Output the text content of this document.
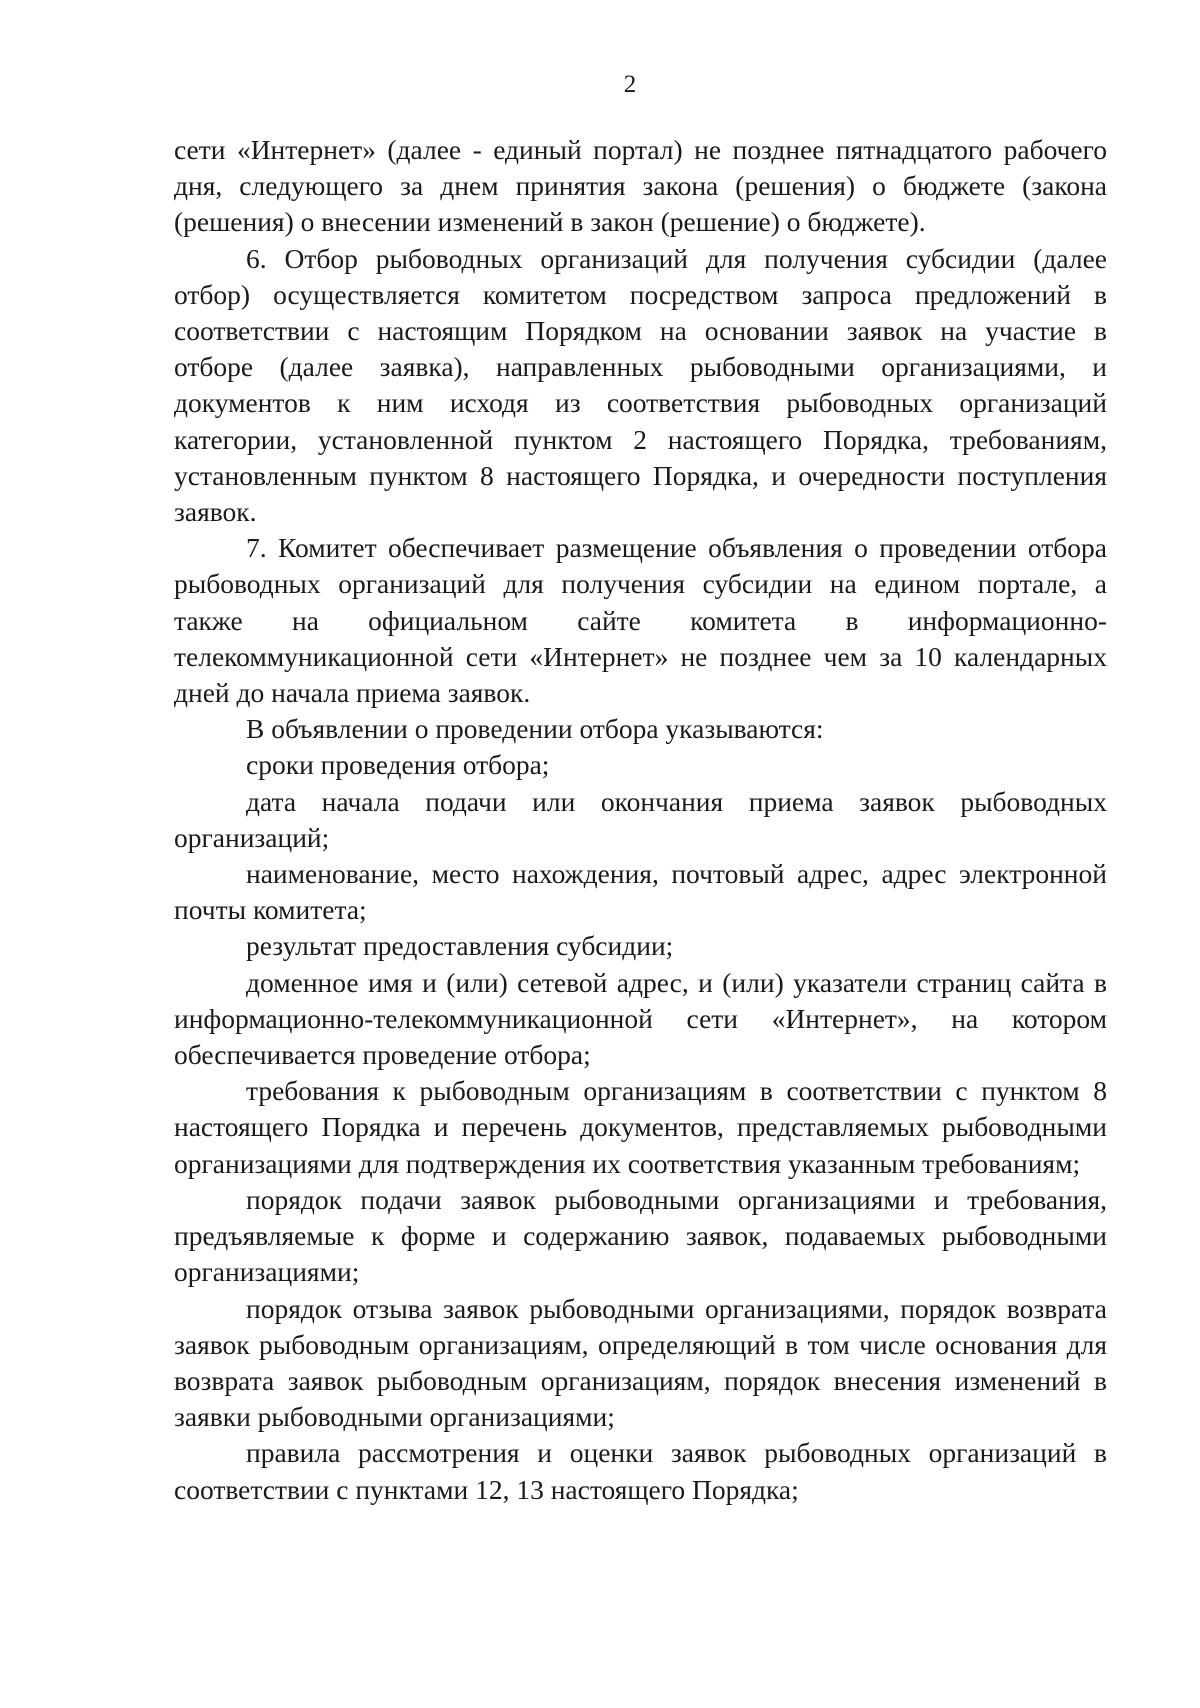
2
сети «Интернет» (далее - единый портал) не позднее пятнадцатого рабочего
дня, следующего за днем принятия закона (решения) о бюджете (закона
(решения) о внесении изменений в закон (решение) о бюджете).
6. Отбор рыбоводных организаций для получения субсидии (далее
отбор) осуществляется комитетом посредством запроса предложений в
соответствии с настоящим Порядком на основании заявок на участие в
отборе (далее заявка), направленных рыбоводными организациями, и
документов к ним исходя из соответствия рыбоводных организаций
категории, установленной пунктом 2 настоящего Порядка, требованиям,
установленным пунктом 8 настоящего Порядка, и очередности поступления
заявок.
7. Комитет обеспечивает размещение объявления о проведении отбора
рыбоводных организаций для получения субсидии на едином портале, а
также на официальном сайте комитета в информационно-
телекоммуникационной сети «Интернет» не позднее чем за 10 календарных
дней до начала приема заявок.
В объявлении о проведении отбора указываются:
сроки проведения отбора;
дата начала подачи или окончания приема заявок рыбоводных
организаций;
наименование, место нахождения, почтовый адрес, адрес электронной
почты комитета;
результат предоставления субсидии;
доменное имя и (или) сетевой адрес, и (или) указатели страниц сайта в
информационно-телекоммуникационной сети «Интернет», на котором
обеспечивается проведение отбора;
требования к рыбоводным организациям в соответствии с пунктом 8
настоящего Порядка и перечень документов, представляемых рыбоводными
организациями для подтверждения их соответствия указанным требованиям;
порядок подачи заявок рыбоводными организациями и требования,
предъявляемые к форме и содержанию заявок, подаваемых рыбоводными
организациями;
порядок отзыва заявок рыбоводными организациями, порядок возврата
заявок рыбоводным организациям, определяющий в том числе основания для
возврата заявок рыбоводным организациям, порядок внесения изменений в
заявки рыбоводными организациями;
правила рассмотрения и оценки заявок рыбоводных организаций в
соответствии с пунктами 12, 13 настоящего Порядка;
